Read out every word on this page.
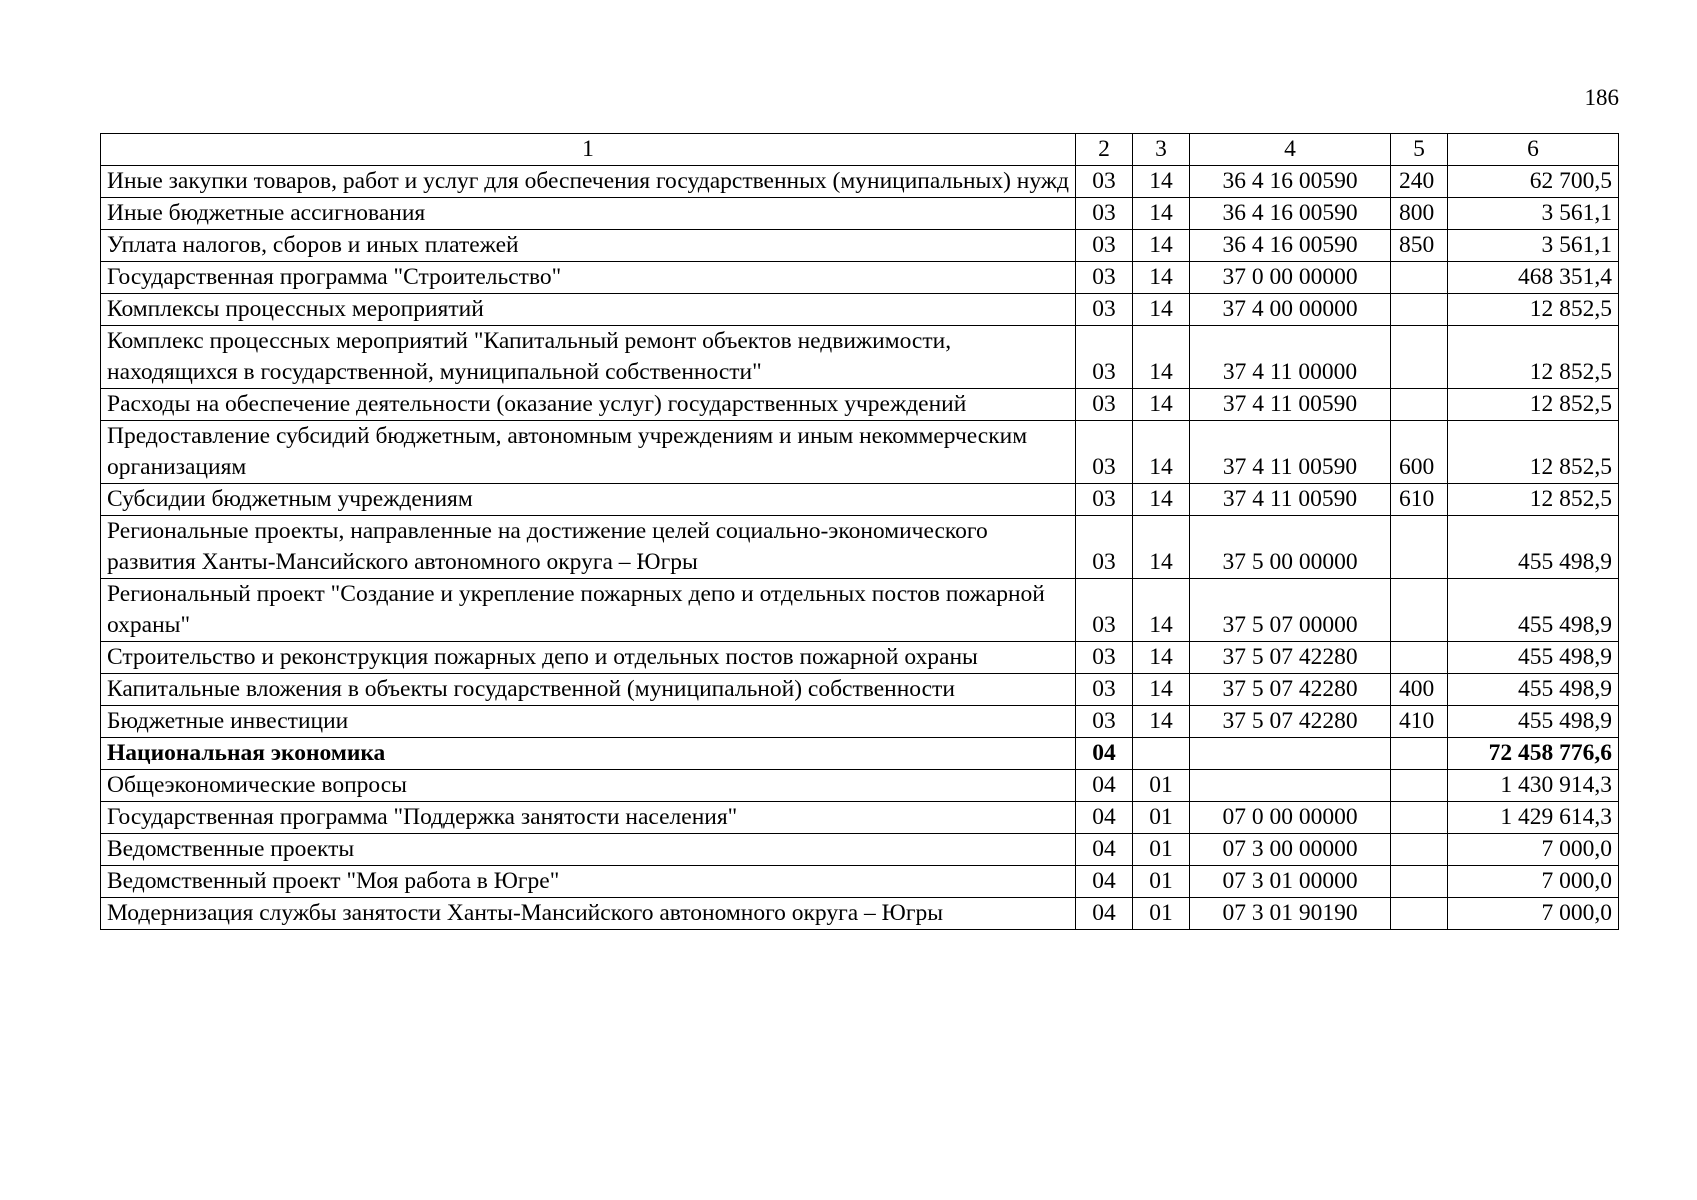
186
1	2	3	4	5	6
Иные закупки товаров, работ и услуг для обеспечения государственных (муниципальных) нужд	03	14	36 4 16 00590	240	62 700,5
Иные бюджетные ассигнования	03	14	36 4 16 00590	800	3 561,1
Уплата налогов, сборов и иных платежей	03	14	36 4 16 00590	850	3 561,1
Государственная программа "Строительство"	03	14	37 0 00 00000		468 351,4
Комплексы процессных мероприятий	03	14	37 4 00 00000		12 852,5
Комплекс процессных мероприятий "Капитальный ремонт объектов недвижимости, находящихся в государственной, муниципальной собственности"	03	14	37 4 11 00000		12 852,5
Расходы на обеспечение деятельности (оказание услуг) государственных учреждений	03	14	37 4 11 00590		12 852,5
Предоставление субсидий бюджетным, автономным учреждениям и иным некоммерческим организациям	03	14	37 4 11 00590	600	12 852,5
Субсидии бюджетным учреждениям	03	14	37 4 11 00590	610	12 852,5
Региональные проекты, направленные на достижение целей социально-экономического развития Ханты-Мансийского автономного округа – Югры	03	14	37 5 00 00000		455 498,9
Региональный проект "Создание и укрепление пожарных депо и отдельных постов пожарной охраны"	03	14	37 5 07 00000		455 498,9
Строительство и реконструкция пожарных депо и отдельных постов пожарной охраны	03	14	37 5 07 42280		455 498,9
Капитальные вложения в объекты государственной (муниципальной) собственности	03	14	37 5 07 42280	400	455 498,9
Бюджетные инвестиции	03	14	37 5 07 42280	410	455 498,9
Национальная экономика	04				72 458 776,6
Общеэкономические вопросы	04	01			1 430 914,3
Государственная программа "Поддержка занятости населения"	04	01	07 0 00 00000		1 429 614,3
Ведомственные проекты	04	01	07 3 00 00000		7 000,0
Ведомственный проект "Моя работа в Югре"	04	01	07 3 01 00000		7 000,0
Модернизация службы занятости Ханты-Мансийского автономного округа – Югры	04	01	07 3 01 90190		7 000,0
